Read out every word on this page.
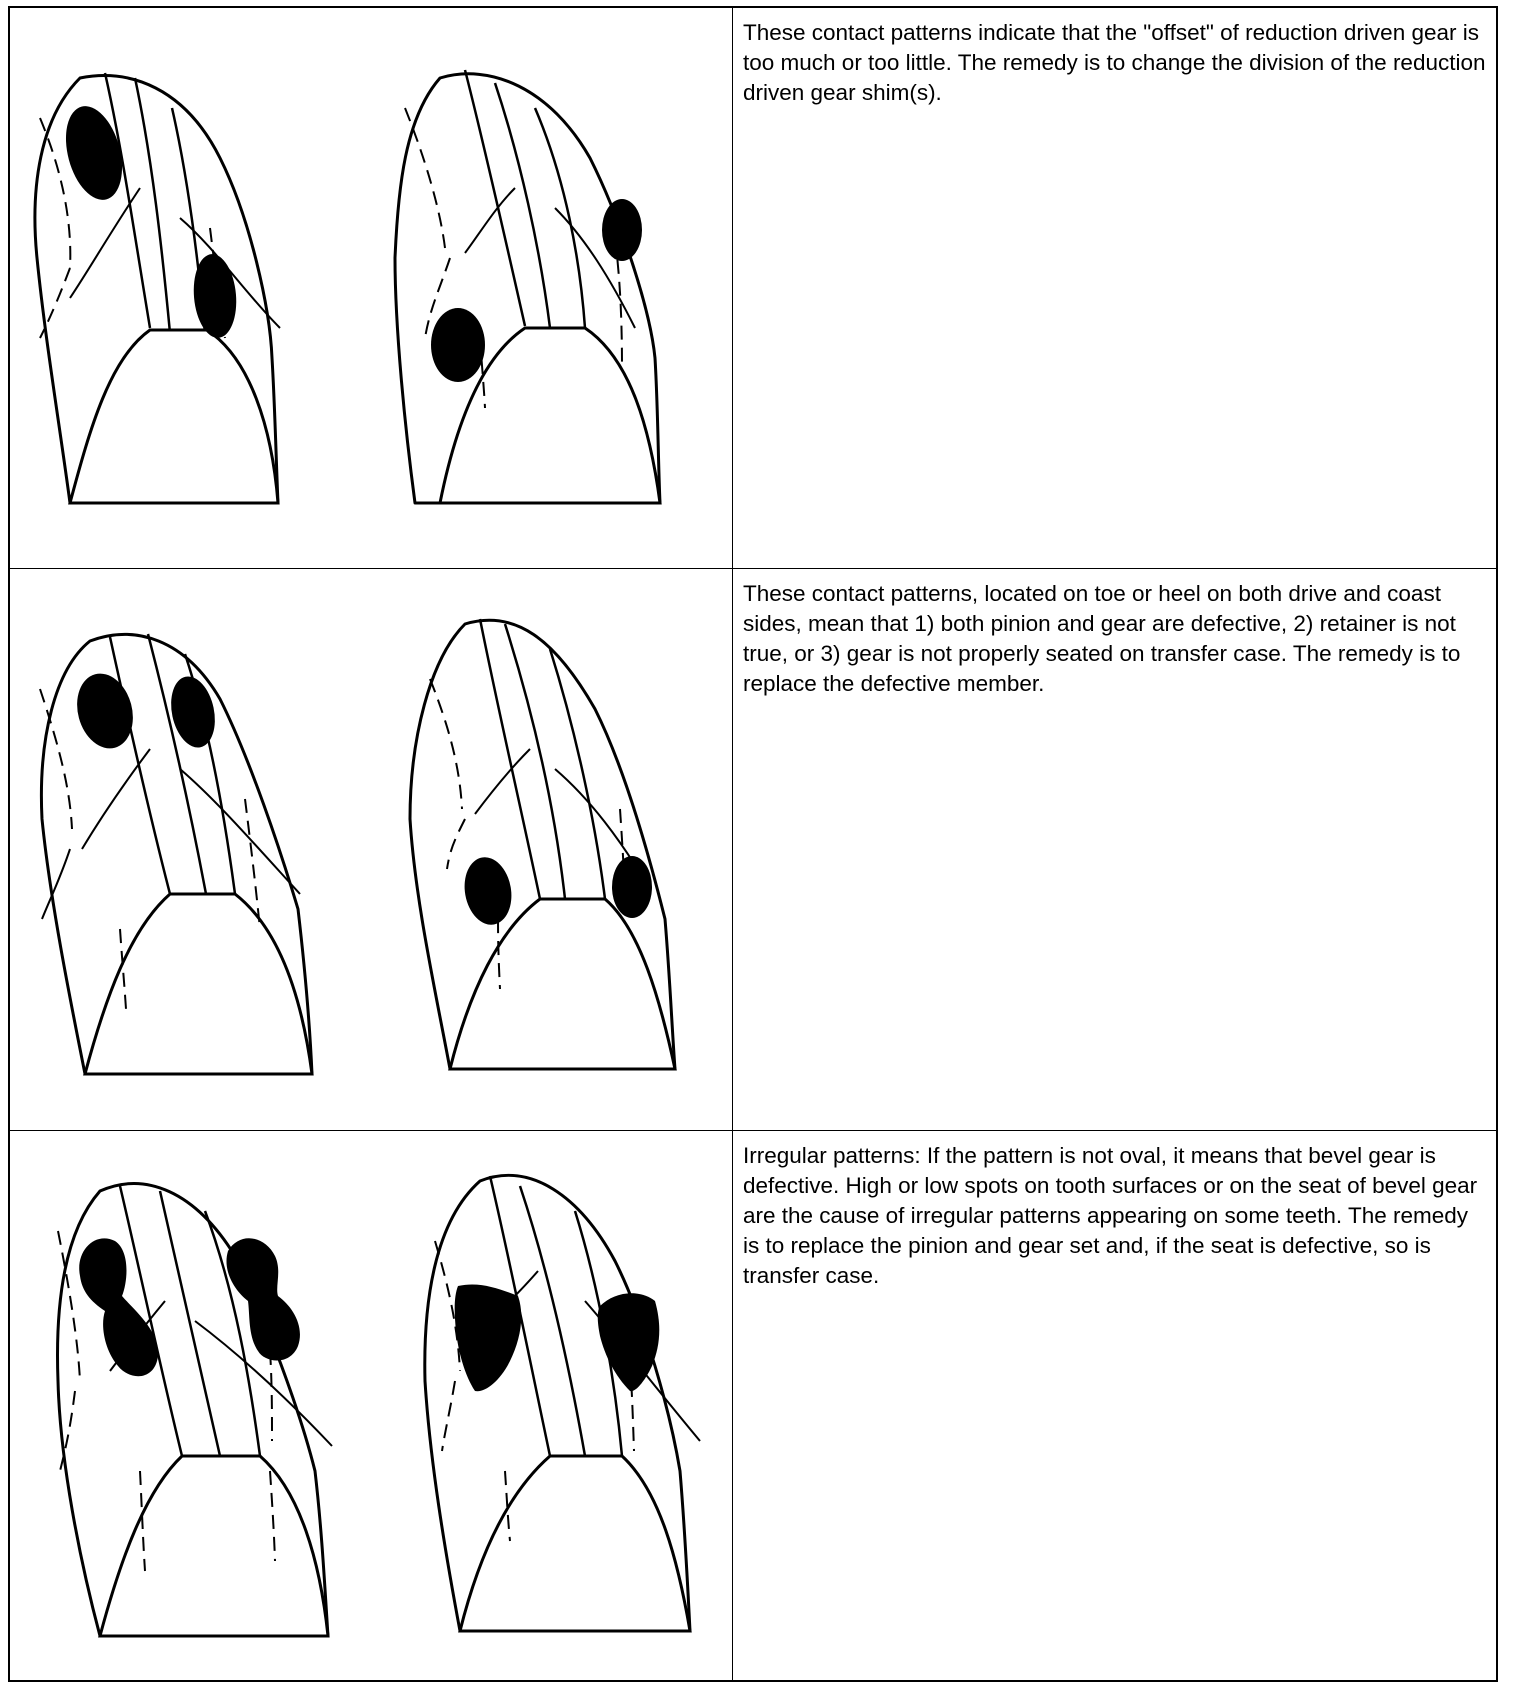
These contact patterns indicate that the "offset" of reduction driven gear is too much or too little. The remedy is to change the division of the reduction driven gear shim(s).

These contact patterns, located on toe or heel on both drive and coast sides, mean that 1) both pinion and gear are defective, 2) retainer is not true, or 3) gear is not properly seated on transfer case. The remedy is to replace the defective member.

Irregular patterns: If the pattern is not oval, it means that bevel gear is defective. High or low spots on tooth surfaces or on the seat of bevel gear are the cause of irregular patterns appearing on some teeth. The remedy is to replace the pinion and gear set and, if the seat is defective, so is transfer case.
